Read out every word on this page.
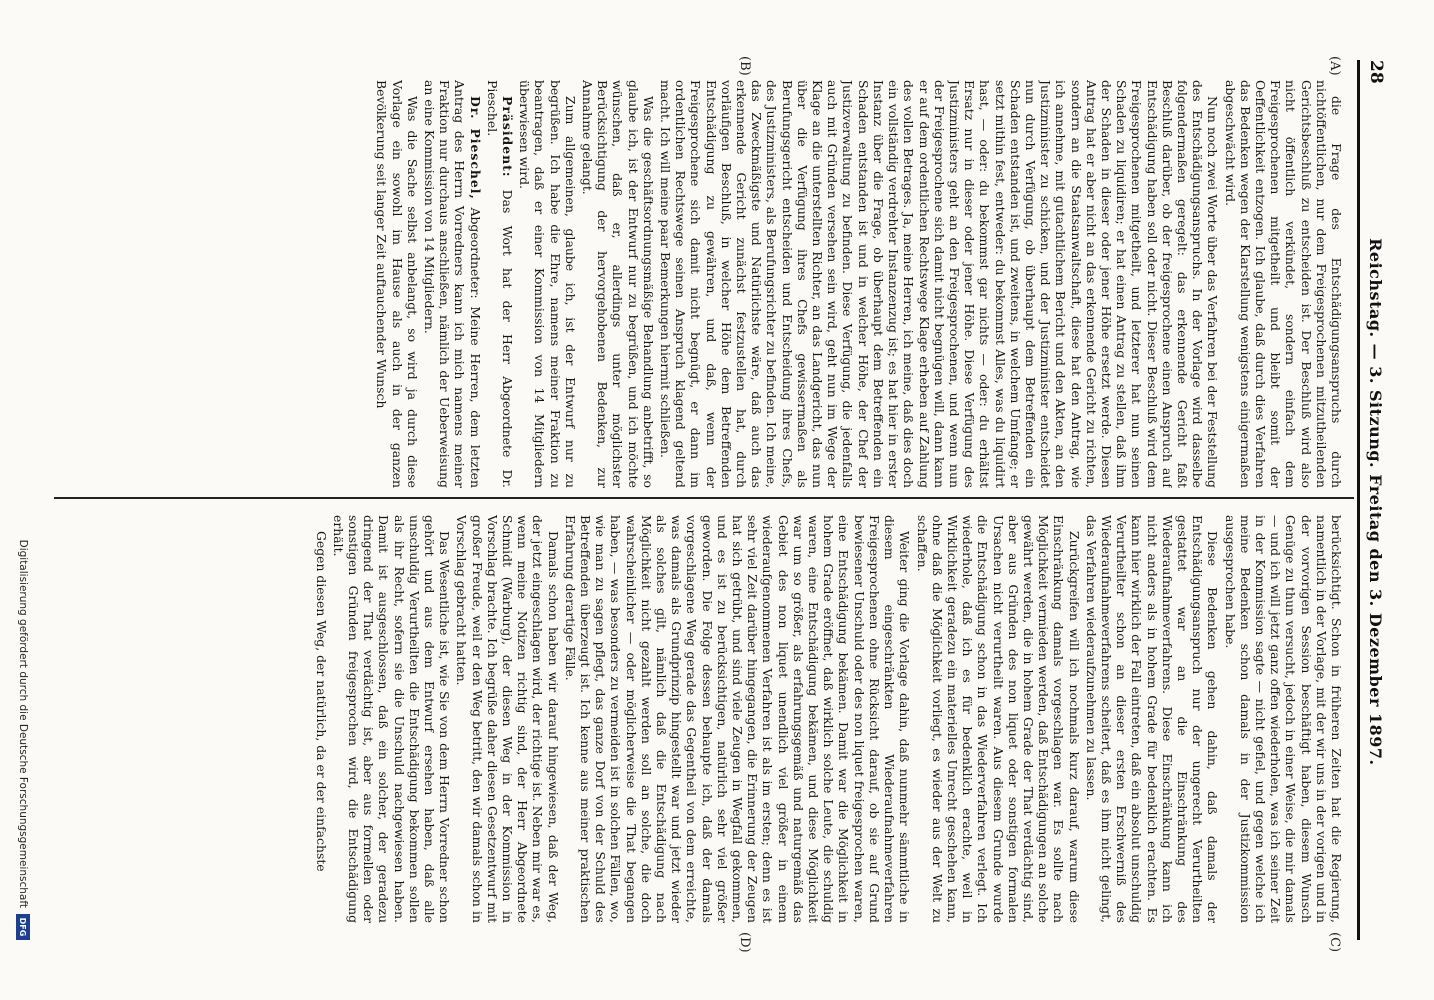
28
Reichstag. — 3. Sitzung. Freitag den 3. Dezember 1897.
(A)
(B)
(C)
(D)

die Frage des Entschädigungsanspruchs durch nichtöffentlichen, nur dem Freigesprochenen mitzutheilenden Gerichtsbeschluß zu entscheiden ist. Der Beschluß wird also nicht öffentlich verkündet, sondern einfach dem Freigesprochenen mitgetheilt und bleibt somit der Oeffentlichkeit entzogen. Ich glaube, daß durch dies Verfahren das Bedenken wegen der Klarstellung wenigstens einigermaßen abgeschwächt wird.

Nun noch zwei Worte über das Verfahren bei der Feststellung des Entschädigungsanspruchs. In der Vorlage wird dasselbe folgendermaßen geregelt: das erkennende Gericht faßt Beschluß darüber, ob der freigesprochene einen Anspruch auf Entschädigung haben soll oder nicht. Dieser Beschluß wird dem Freigesprochenen mitgetheilt, und letzterer hat nun seinen Schaden zu liquidiren; er hat einen Antrag zu stellen, daß ihm der Schaden in dieser oder jener Höhe ersetzt werde. Diesen Antrag hat er aber nicht an das erkennende Gericht zu richten, sondern an die Staatsanwaltschaft, diese hat den Antrag, wie ich annehme, mit gutachtlichem Bericht und den Akten, an den Justizminister zu schicken, und der Justizminister entscheidet nun durch Verfügung, ob überhaupt dem Betreffenden ein Schaden entstanden ist, und zweitens, in welchem Umfange; er setzt mithin fest, entweder: du bekommst Alles, was du liquidirt hast, — oder: du bekommst gar nichts — oder: du erhältst Ersatz nur in dieser oder jener Höhe. Diese Verfügung des Justizministers geht an den Freigesprochenen, und wenn nun der Freigesprochene sich damit nicht begnügen will, dann kann er auf dem ordentlichen Rechtswege Klage erheben auf Zahlung des vollen Betrages. Ja, meine Herren, ich meine, daß dies doch ein vollständig verdrehter Instanzenzug ist; es hat hier in erster Instanz über die Frage, ob überhaupt dem Betreffenden ein Schaden entstanden ist und in welcher Höhe, der Chef der Justizverwaltung zu befinden. Diese Verfügung, die jedenfalls auch mit Gründen versehen sein wird, geht nun im Wege der Klage an die unterstellten Richter, an das Landgericht, das nun über die Verfügung ihres Chefs gewissermaßen als Berufungsgericht entscheiden und Entscheidung ihres Chefs, des Justizministers, als Berufungsrichter zu befinden. Ich meine, das Zweckmäßigste und Natürlichste wäre, daß auch das erkennende Gericht zunächst festzustellen hat, durch vorläufigen Beschluß, in welcher Höhe dem Betreffenden Entschädigung zu gewähren, und daß, wenn der Freigesprochene sich damit nicht begnügt, er dann im ordentlichen Rechtswege seinen Anspruch klagend geltend macht. Ich will meine paar Bemerkungen hiermit schließen.

Was die geschäftsordnungsmäßige Behandlung anbetrifft, so glaube ich, ist der Entwurf nur zu begrüßen, und ich möchte wünschen, daß er, allerdings unter möglichster Berücksichtigung der hervorgehobenen Bedenken, zur Annahme gelangt.

Zum allgemeinen, glaube ich, ist der Entwurf nur zu begrüßen. Ich habe die Ehre, namens meiner Fraktion zu beantragen, daß er einer Kommission von 14 Mitgliedern überwiesen wird.

Präsident: Das Wort hat der Herr Abgeordnete Dr. Pieschel.

Dr. Pieschel, Abgeordneter: Meine Herren, dem letzten Antrag des Herrn Vorredners kann ich mich namens meiner Fraktion nur durchaus anschließen, nämlich der Ueberweisung an eine Kommission von 14 Mitgliedern.

Was die Sache selbst anbelangt, so wird ja durch diese Vorlage ein sowohl im Hause als auch in der ganzen Bevölkerung seit langer Zeit auftauchender Wunsch

berücksichtigt. Schon in früheren Zeiten hat die Regierung, namentlich in der Vorlage, mit der wir uns in der vorigen und in der vorvorigen Session beschäftigt haben, diesem Wunsch Genüge zu thun versucht, jedoch in einer Weise, die mir damals — und ich will jetzt ganz offen wiederholen, was ich seiner Zeit in der Kommission sagte — nicht gefiel, und gegen welche ich meine Bedenken schon damals in der Justizkommission ausgesprochen habe.

Diese Bedenken gehen dahin, daß damals der Entschädigungsanspruch nur der ungerecht Verurtheilten gestattet war an die Einschränkung des Wiederaufnahmeverfahrens. Diese Einschränkung kann ich nicht anders als in hohem Grade für bedenklich erachten. Es kann hier wirklich der Fall eintreten, daß ein absolut unschuldig Verurtheilter schon an dieser ersten Erschwerniß des Wiederaufnahmeverfahrens scheitert, daß es ihm nicht gelingt, das Verfahren wiederaufzunehmen zu lassen.

Zurückgreifen will ich nochmals kurz darauf, warum diese Einschränkung damals vorgeschlagen war. Es sollte nach Möglichkeit vermieden werden, daß Entschädigungen an solche gewährt werden, die in hohem Grade der That verdächtig sind, aber aus Gründen des non liquet oder sonstigen formalen Ursachen nicht verurtheilt waren. Aus diesem Grunde wurde die Entschädigung schon in das Wiederverfahren verlegt. Ich wiederhole, daß ich es für bedenklich erachte, weil in Wirklichkeit geradezu ein materielles Unrecht geschehen kann, ohne daß die Möglichkeit vorliegt, es wieder aus der Welt zu schaffen.

Weiter ging die Vorlage dahin, daß nunmehr sämmtliche in diesem eingeschränkten Wiederaufnahmeverfahren Freigesprochenen ohne Rücksicht darauf, ob sie auf Grund bewiesener Unschuld oder des non liquet freigesprochen waren, eine Entschädigung bekämen. Damit war die Möglichkeit in hohem Grade eröffnet, daß wirklich solche Leute, die schuldig waren, eine Entschädigung bekämen, und diese Möglichkeit war um so größer, als erfahrungsgemäß und naturgemäß das Gebiet des non liquet unendlich viel größer in einem wiederaufgenommenen Verfahren ist als im ersten; denn es ist sehr viel Zeit darüber hingegangen, die Erinnerung der Zeugen hat sich getrübt, und sind viele Zeugen in Wegfall gekommen, und es ist zu berücksichtigen, natürlich sehr viel größer geworden. Die Folge dessen behaupte ich, daß der damals vorgeschlagene Weg gerade das Gegentheil von dem erreichte, was damals als Grundprinzip hingestellt war und jetzt wieder als solches gilt, nämlich daß die Entschädigung nach Möglichkeit nicht gezahlt werden soll an solche, die doch wahrscheinlicher — oder möglicherweise die That begangen haben, — was besonders zu vermeiden ist in solchen Fällen, wo, wie man zu sagen pflegt, das ganze Dorf von der Schuld des Betreffenden überzeugt ist. Ich kenne aus meiner praktischen Erfahrung derartige Fälle.

Damals schon haben wir darauf hingewiesen, daß der Weg, der jetzt eingeschlagen wird, der richtige ist. Neben mir war es, wenn meine Notizen richtig sind, der Herr Abgeordnete Schmidt (Warburg), der diesen Weg in der Kommission in Vorschlag brachte. Ich begrüße daher diesen Gesetzentwurf mit großer Freude, weil er den Weg betritt, den wir damals schon in Vorschlag gebracht hatten.

Das Wesentliche ist, wie Sie von dem Herrn Vorredner schon gehört und aus dem Entwurf ersehen haben, daß alle unschuldig Verurtheilten die Entschädigung bekommen sollen als ihr Recht, sofern sie die Unschuld nachgewiesen haben. Damit ist ausgeschlossen, daß ein solcher, der geradezu dringend der That verdächtig ist, aber aus formellen oder sonstigen Gründen freigesprochen wird, die Entschädigung erhält.

Gegen diesen Weg, der natürlich, da er der einfachste

Digitalisierung gefördert durch die Deutsche Forschungsgemeinschaft
DFG
